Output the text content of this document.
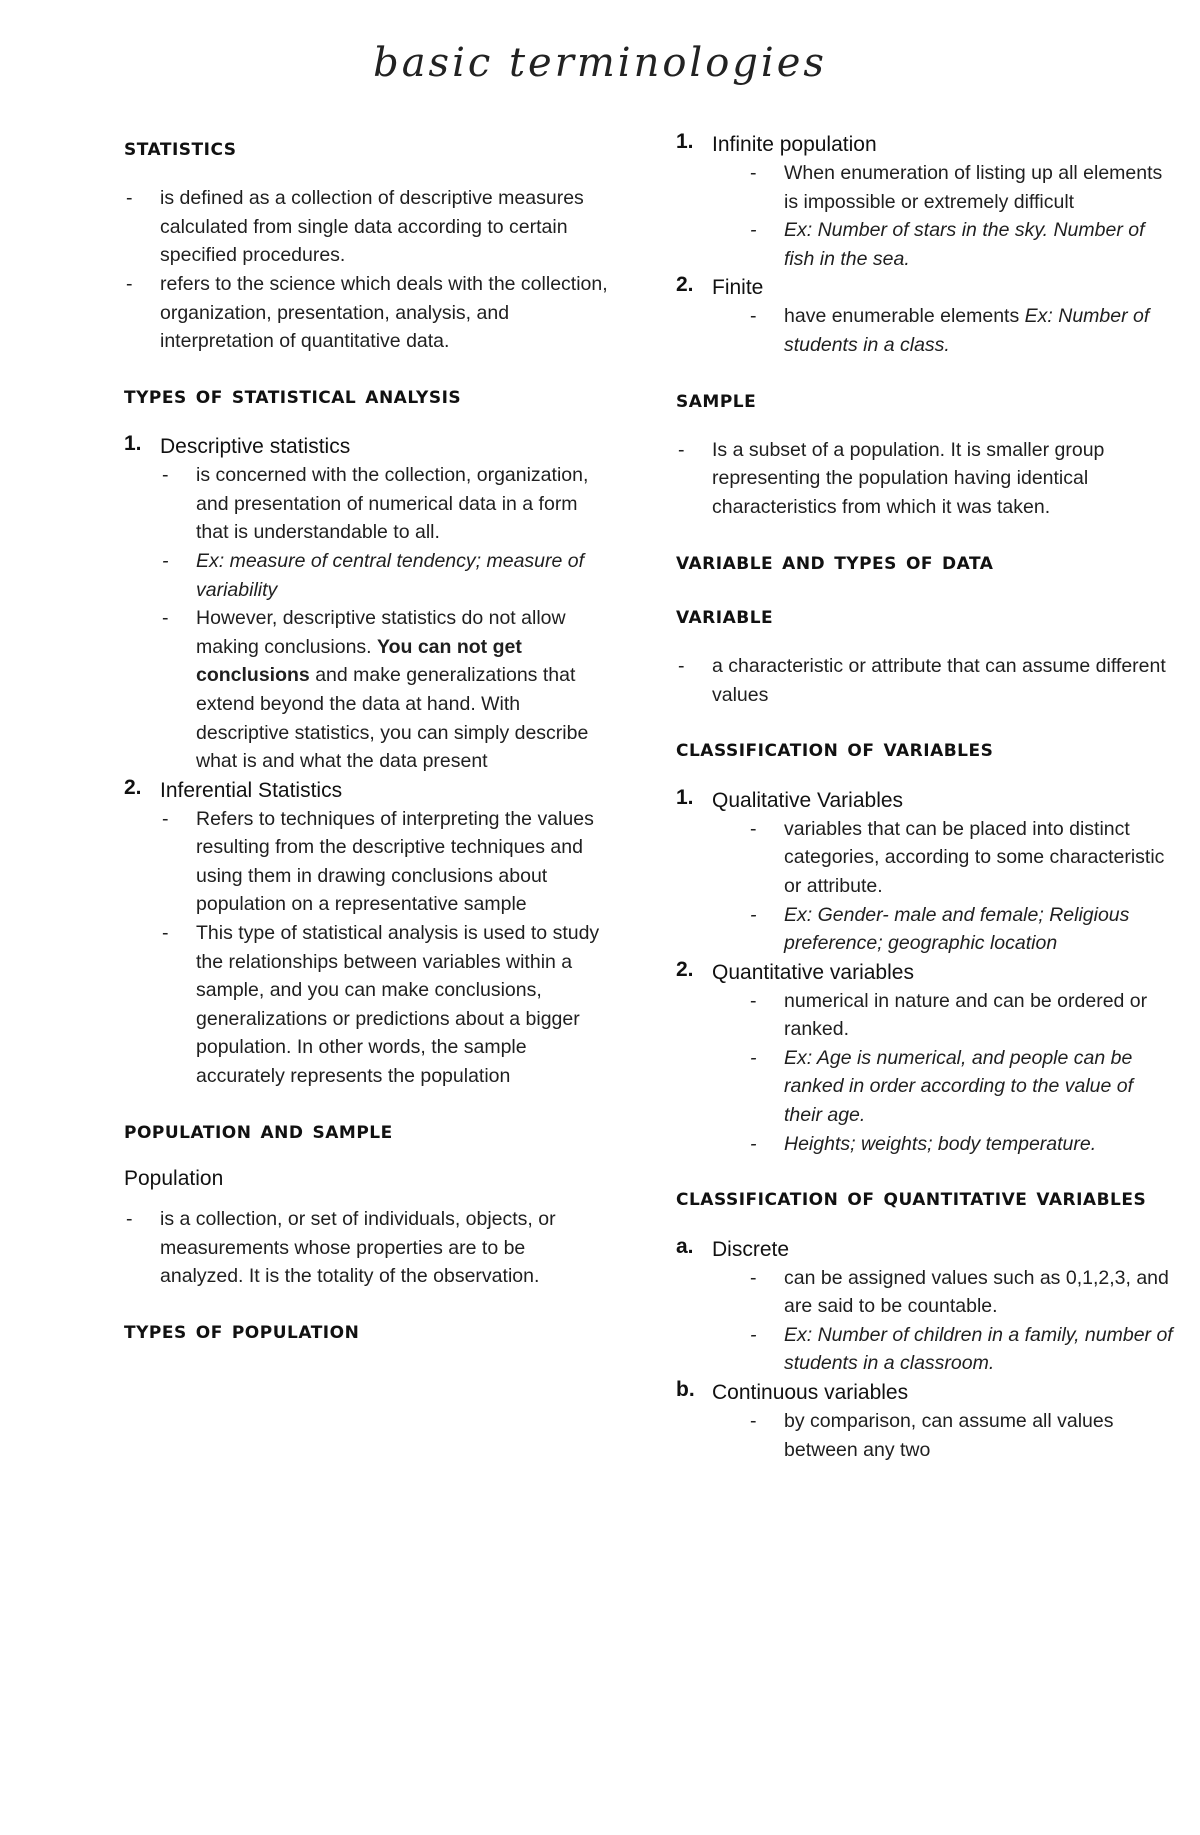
basic terminologies
statistics
- is defined as a collection of descriptive measures calculated from single data according to certain specified procedures.
- refers to the science which deals with the collection, organization, presentation, analysis, and interpretation of quantitative data.
types of statistical analysis
1. Descriptive statistics
- is concerned with the collection, organization, and presentation of numerical data in a form that is understandable to all.
- Ex: measure of central tendency; measure of variability
- However, descriptive statistics do not allow making conclusions. You can not get conclusions and make generalizations that extend beyond the data at hand. With descriptive statistics, you can simply describe what is and what the data present
2. Inferential Statistics
- Refers to techniques of interpreting the values resulting from the descriptive techniques and using them in drawing conclusions about population on a representative sample
- This type of statistical analysis is used to study the relationships between variables within a sample, and you can make conclusions, generalizations or predictions about a bigger population. In other words, the sample accurately represents the population
population and sample
Population
- is a collection, or set of individuals, objects, or measurements whose properties are to be analyzed. It is the totality of the observation.
types of population
1. Infinite population
- When enumeration of listing up all elements is impossible or extremely difficult
- Ex: Number of stars in the sky. Number of fish in the sea.
2. Finite
- have enumerable elements Ex: Number of students in a class.
sample
- Is a subset of a population. It is smaller group representing the population having identical characteristics from which it was taken.
variable and types of data
variable
- a characteristic or attribute that can assume different values
classification of variables
1. Qualitative Variables
- variables that can be placed into distinct categories, according to some characteristic or attribute.
- Ex: Gender- male and female; Religious preference; geographic location
2. Quantitative variables
- numerical in nature and can be ordered or ranked.
- Ex: Age is numerical, and people can be ranked in order according to the value of their age.
- Heights; weights; body temperature.
classification of quantitative variables
a. Discrete
- can be assigned values such as 0,1,2,3, and are said to be countable.
- Ex: Number of children in a family, number of students in a classroom.
b. Continuous variables
- by comparison, can assume all values between any two
